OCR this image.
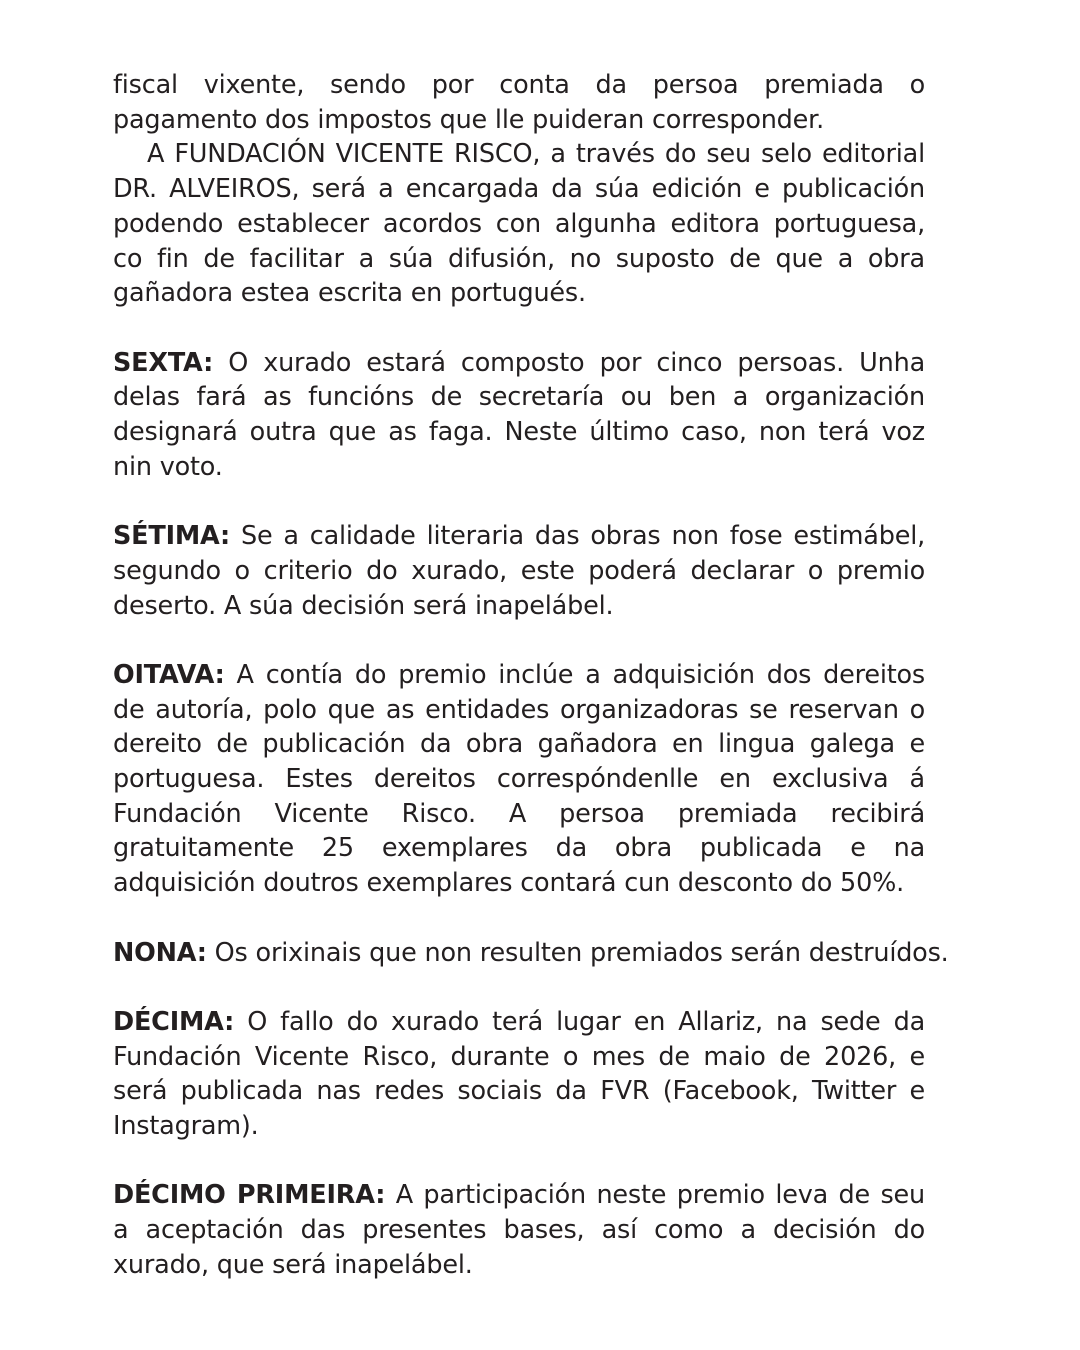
fiscal vixente, sendo por conta da persoa premiada o pagamento dos impostos que lle puideran corresponder.

A FUNDACIÓN VICENTE RISCO, a través do seu selo editorial DR. ALVEIROS, será a encargada da súa edición e publicación podendo establecer acordos con algunha editora portuguesa, co fin de facilitar a súa difusión, no suposto de que a obra gañadora estea escrita en portugués.

SEXTA: O xurado estará composto por cinco persoas. Unha delas fará as funcións de secretaría ou ben a organización designará outra que as faga. Neste último caso, non terá voz nin voto.

SÉTIMA: Se a calidade literaria das obras non fose estimábel, segundo o criterio do xurado, este poderá declarar o premio deserto. A súa decisión será inapelábel.

OITAVA: A contía do premio inclúe a adquisición dos dereitos de autoría, polo que as entidades organizadoras se reservan o dereito de publicación da obra gañadora en lingua galega e portuguesa. Estes dereitos correspóndenlle en exclusiva á Fundación Vicente Risco. A persoa premiada recibirá gratuitamente 25 exemplares da obra publicada e na adquisición doutros exemplares contará cun desconto do 50%.

NONA: Os orixinais que non resulten premiados serán destruídos.

DÉCIMA: O fallo do xurado terá lugar en Allariz, na sede da Fundación Vicente Risco, durante o mes de maio de 2026, e será publicada nas redes sociais da FVR (Facebook, Twitter e Instagram).

DÉCIMO PRIMEIRA: A participación neste premio leva de seu a aceptación das presentes bases, así como a decisión do xurado, que será inapelábel.
